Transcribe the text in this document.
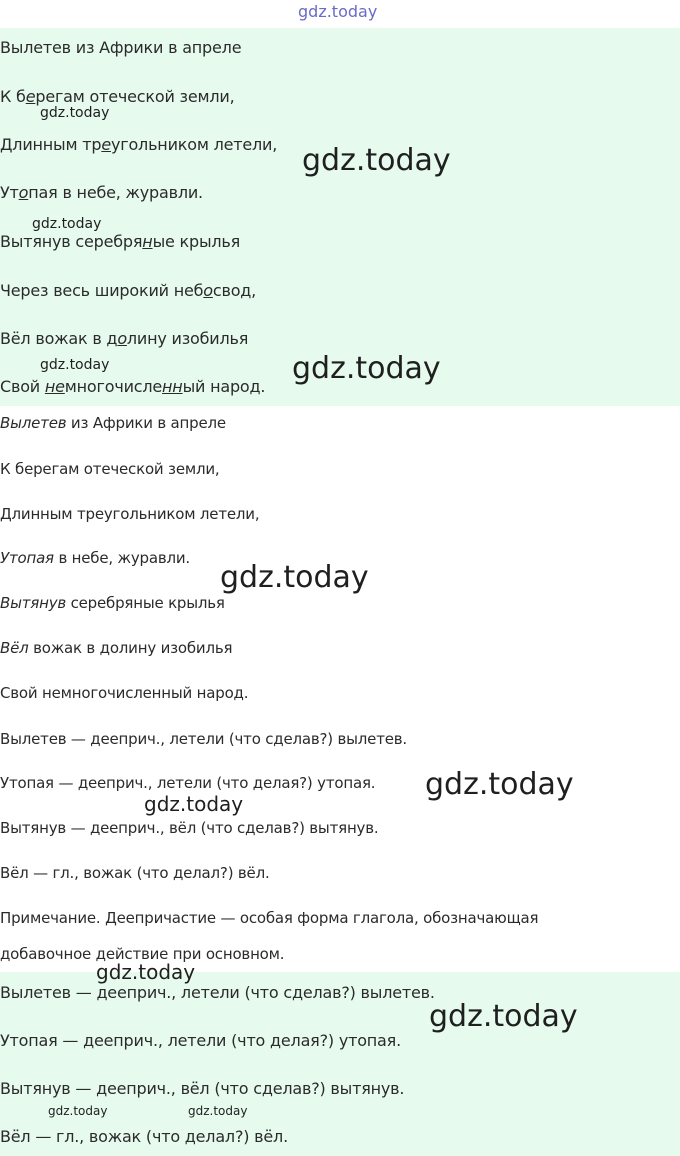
gdz.today
Вылетев из Африки в апреле
К берегам отеческой земли,
Длинным треугольником летели,
Утопая в небе, журавли.
Вытянув серебряные крылья
Через весь широкий небосвод,
Вёл вожак в долину изобилья
Свой немногочисленный народ.
Вылетев из Африки в апреле
К берегам отеческой земли,
Длинным треугольником летели,
Утопая в небе, журавли.
Вытянув серебряные крылья
Вёл вожак в долину изобилья
Свой немногочисленный народ.
Вылетев — дееприч., летели (что сделав?) вылетев.
Утопая — дееприч., летели (что делая?) утопая.
Вытянув — дееприч., вёл (что сделав?) вытянув.
Вёл — гл., вожак (что делал?) вёл.
Примечание. Деепричастие — особая форма глагола, обозначающая
добавочное действие при основном.
Вылетев — дееприч., летели (что сделав?) вылетев.
Утопая — дееприч., летели (что делая?) утопая.
Вытянув — дееприч., вёл (что сделав?) вытянув.
Вёл — гл., вожак (что делал?) вёл.
gdz.today
gdz.today
gdz.today
gdz.today	gdz.today
gdz.today
gdz.today
gdz.today
gdz.today
gdz.today
gdz.today	gdz.today
